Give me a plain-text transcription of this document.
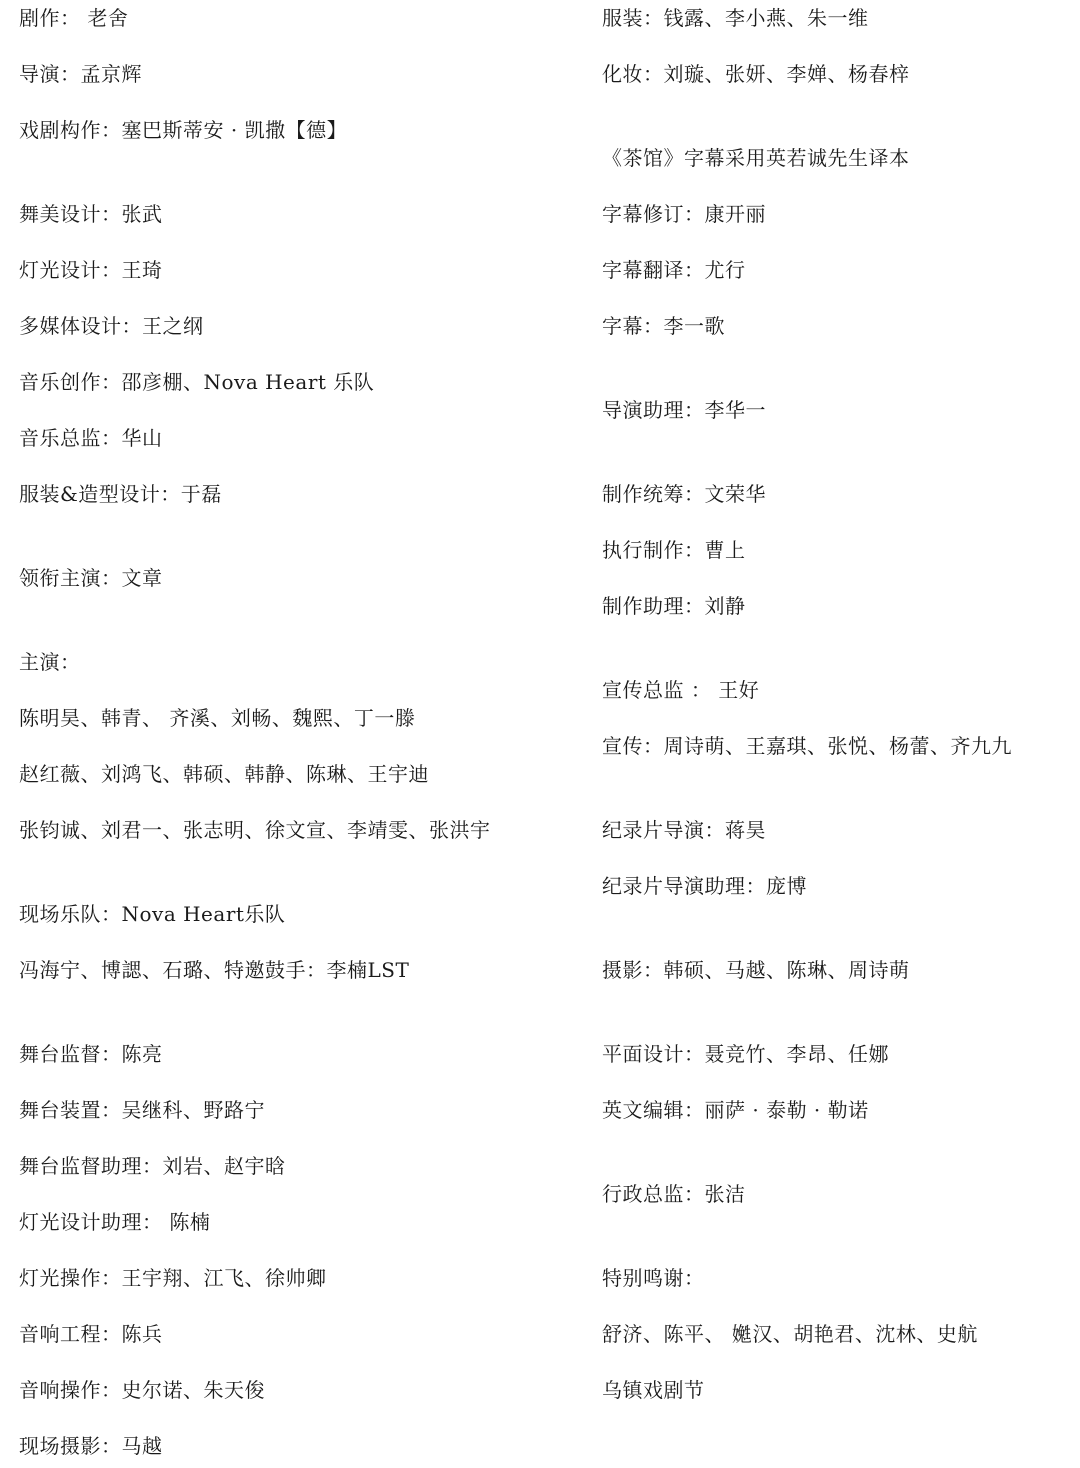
剧作： 老舍
导演：孟京辉
戏剧构作：塞巴斯蒂安 · 凯撒【德】
舞美设计：张武
灯光设计：王琦
多媒体设计：王之纲
音乐创作：邵彦棚、Nova Heart 乐队
音乐总监：华山
服装&造型设计：于磊
领衔主演：文章
主演：
陈明昊、韩青、 齐溪、刘畅、魏熙、丁一滕
赵红薇、刘鸿飞、韩硕、韩静、陈琳、王宇迪
张钧诚、刘君一、张志明、徐文宣、李靖雯、张洪宇
现场乐队：Nova Heart乐队
冯海宁、博諰、石璐、特邀鼓手：李楠LST
舞台监督：陈亮
舞台装置：吴继科、野路宁
舞台监督助理：刘岩、赵宇晗
灯光设计助理： 陈楠
灯光操作：王宇翔、江飞、徐帅卿
音响工程：陈兵
音响操作：史尔诺、朱天俊
现场摄影：马越
服装：钱露、李小燕、朱一维
化妆：刘璇、张妍、李婵、杨春梓
《茶馆》字幕采用英若诚先生译本
字幕修订：康开丽
字幕翻译：尤行
字幕：李一歌
导演助理：李华一
制作统筹：文荣华
执行制作：曹上
制作助理：刘静
宣传总监 ： 王好
宣传：周诗萌、王嘉琪、张悦、杨蕾、齐九九
纪录片导演：蒋昊
纪录片导演助理：庞博
摄影：韩硕、马越、陈琳、周诗萌
平面设计：聂竞竹、李昂、任娜
英文编辑：丽萨 · 泰勒 · 勒诺
行政总监：张洁
特别鸣谢：
舒济、陈平、 嬔汉、胡艳君、沈林、史航
乌镇戏剧节
